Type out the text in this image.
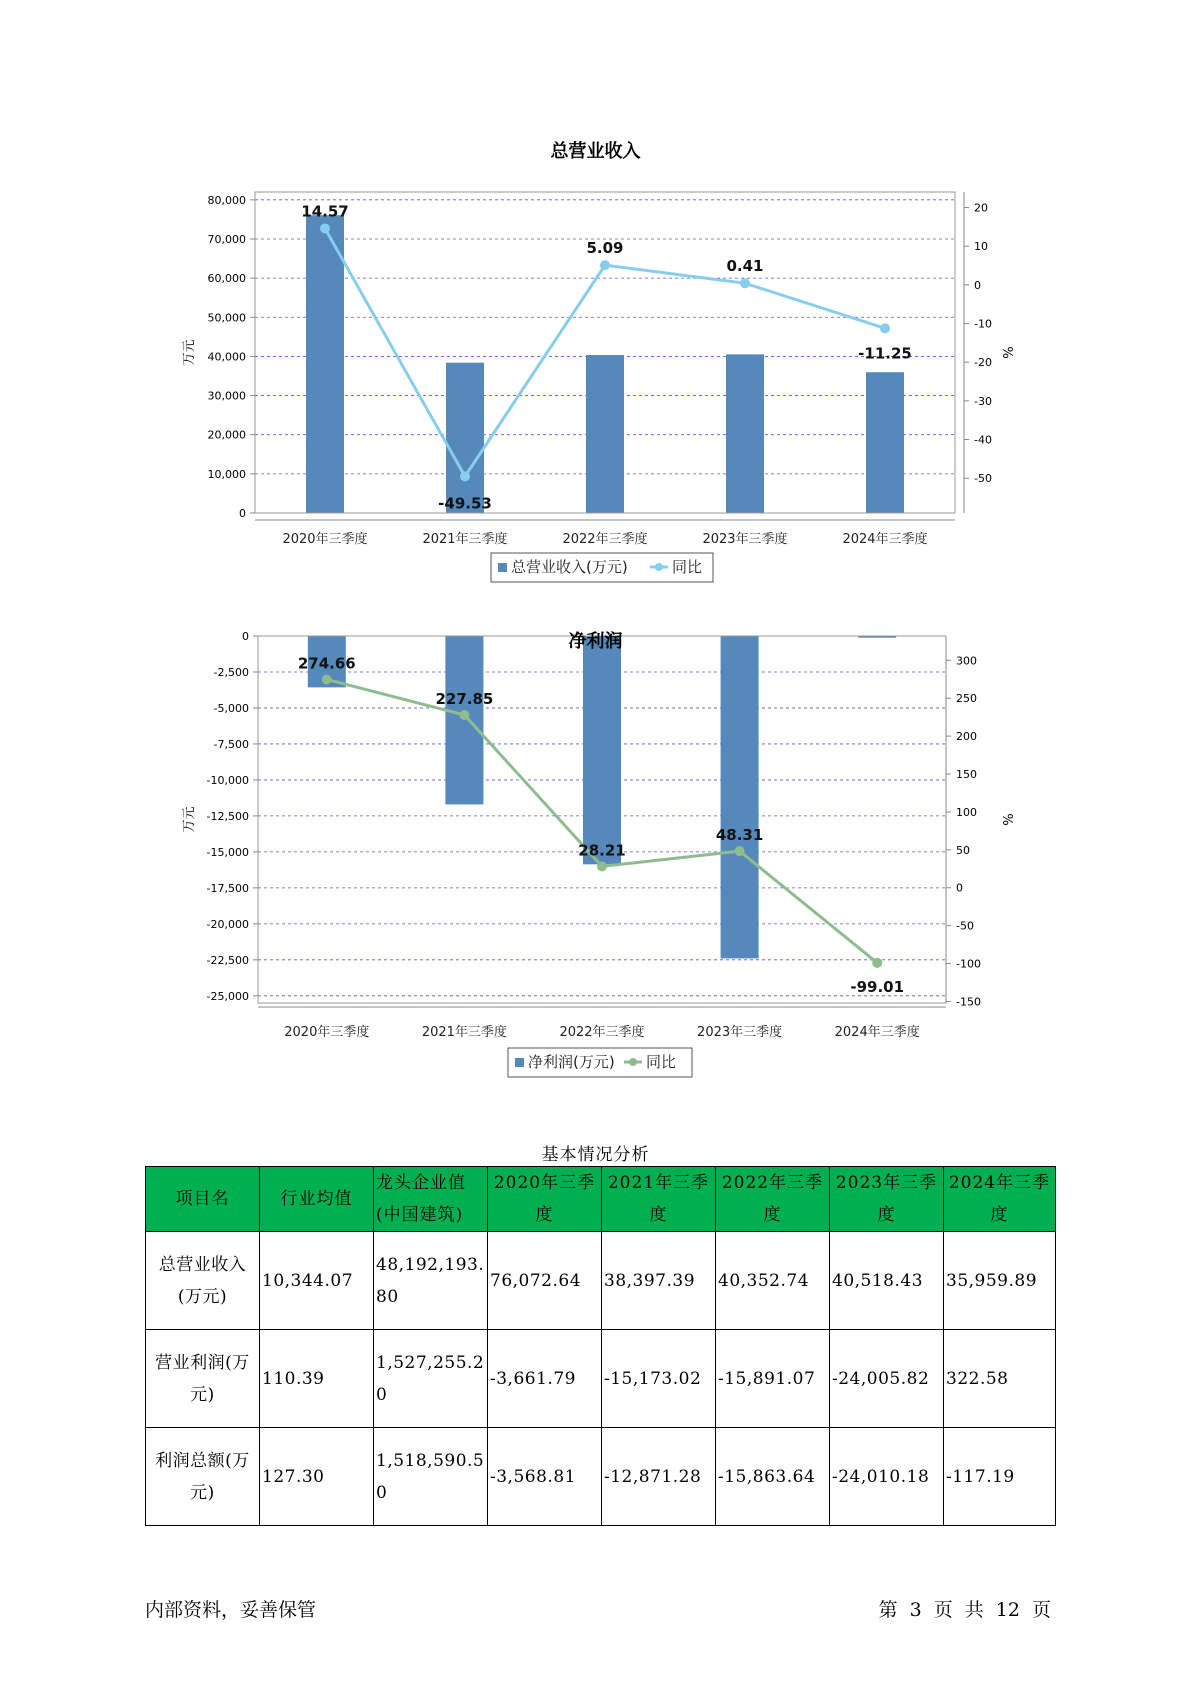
总营业收入
0
10,000
20,000
30,000
40,000
50,000
60,000
70,000
80,000
-50
-40
-30
-20
-10
0
10
20
14.57
-49.53
5.09
0.41
-11.25
2020年三季度	2021年三季度	2022年三季度	2023年三季度	2024年三季度
万元	%
总营业收入(万元)	同比
净利润
0
-2,500
-5,000
-7,500
-10,000
-12,500
-15,000
-17,500
-20,000
-22,500
-25,000	-150
-100
-50
0
50
100
150
200
250
300
274.66
227.85
28.21
48.31
-99.01
2020年三季度	2021年三季度	2022年三季度	2023年三季度	2024年三季度
万元	%
净利润(万元) 同比
基本情况分析
项目名	行业均值	龙头企业值(中国建筑)	2020年三季度	2021年三季度	2022年三季度	2023年三季度	2024年三季度
总营业收入(万元)	10,344.07	48,192,193.80	76,072.64	38,397.39	40,352.74	40,518.43	35,959.89
营业利润(万元)	110.39	1,527,255.20	-3,661.79	-15,173.02	-15,891.07	-24,005.82	322.58
利润总额(万元)	127.30	1,518,590.50	-3,568.81	-12,871.28	-15,863.64	-24,010.18	-117.19
内部资料，妥善保管	第 3 页 共 12 页
